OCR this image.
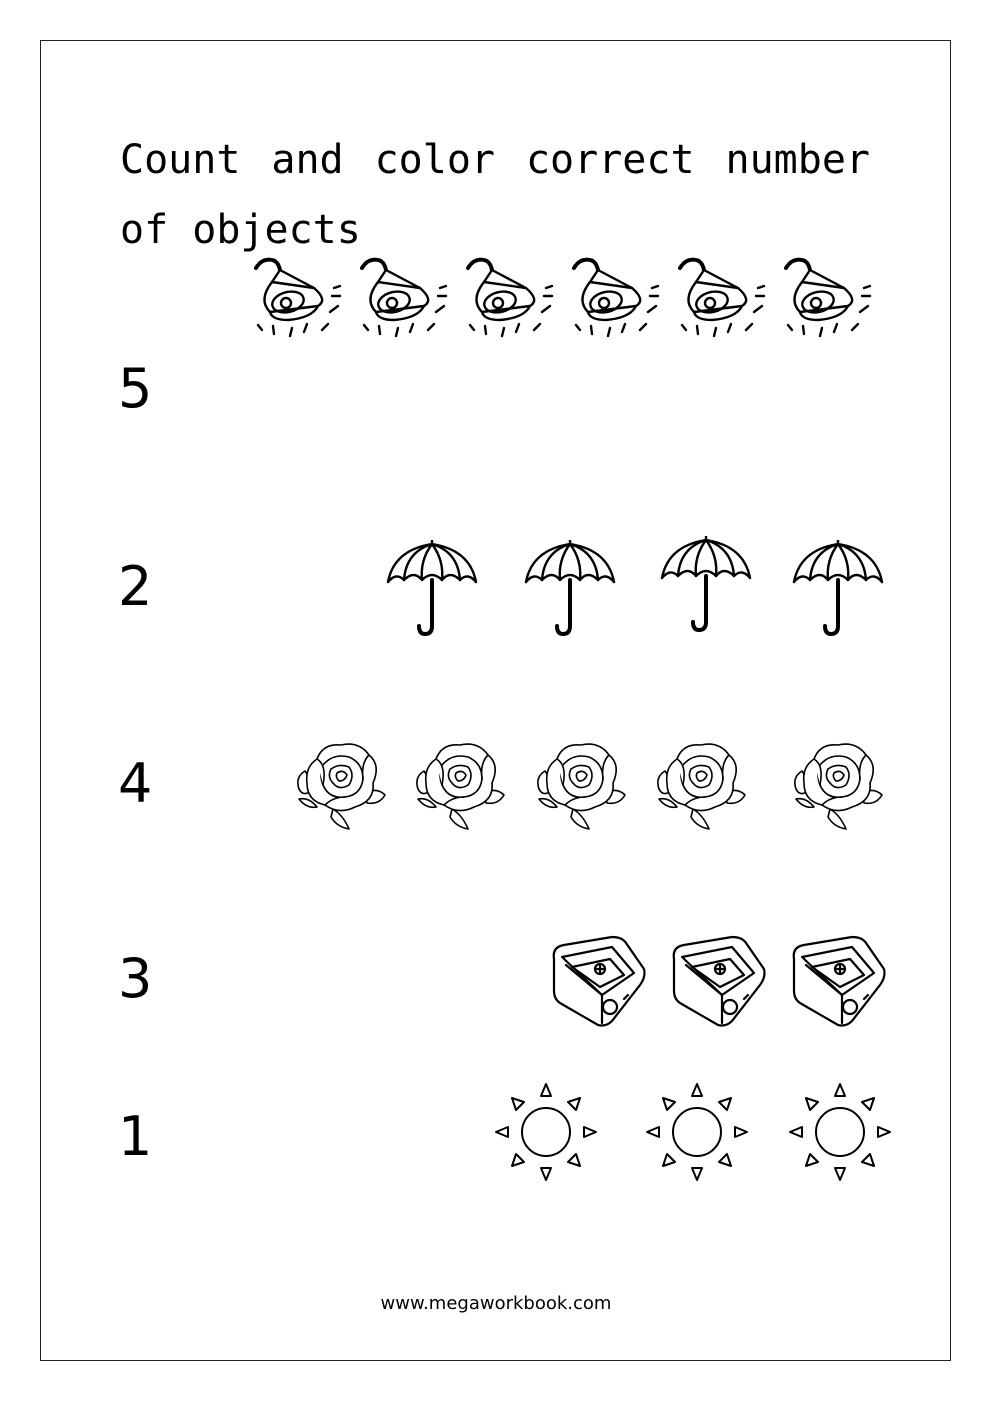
Count and color correct number of objects
5
2
4
3
1
www.megaworkbook.com
